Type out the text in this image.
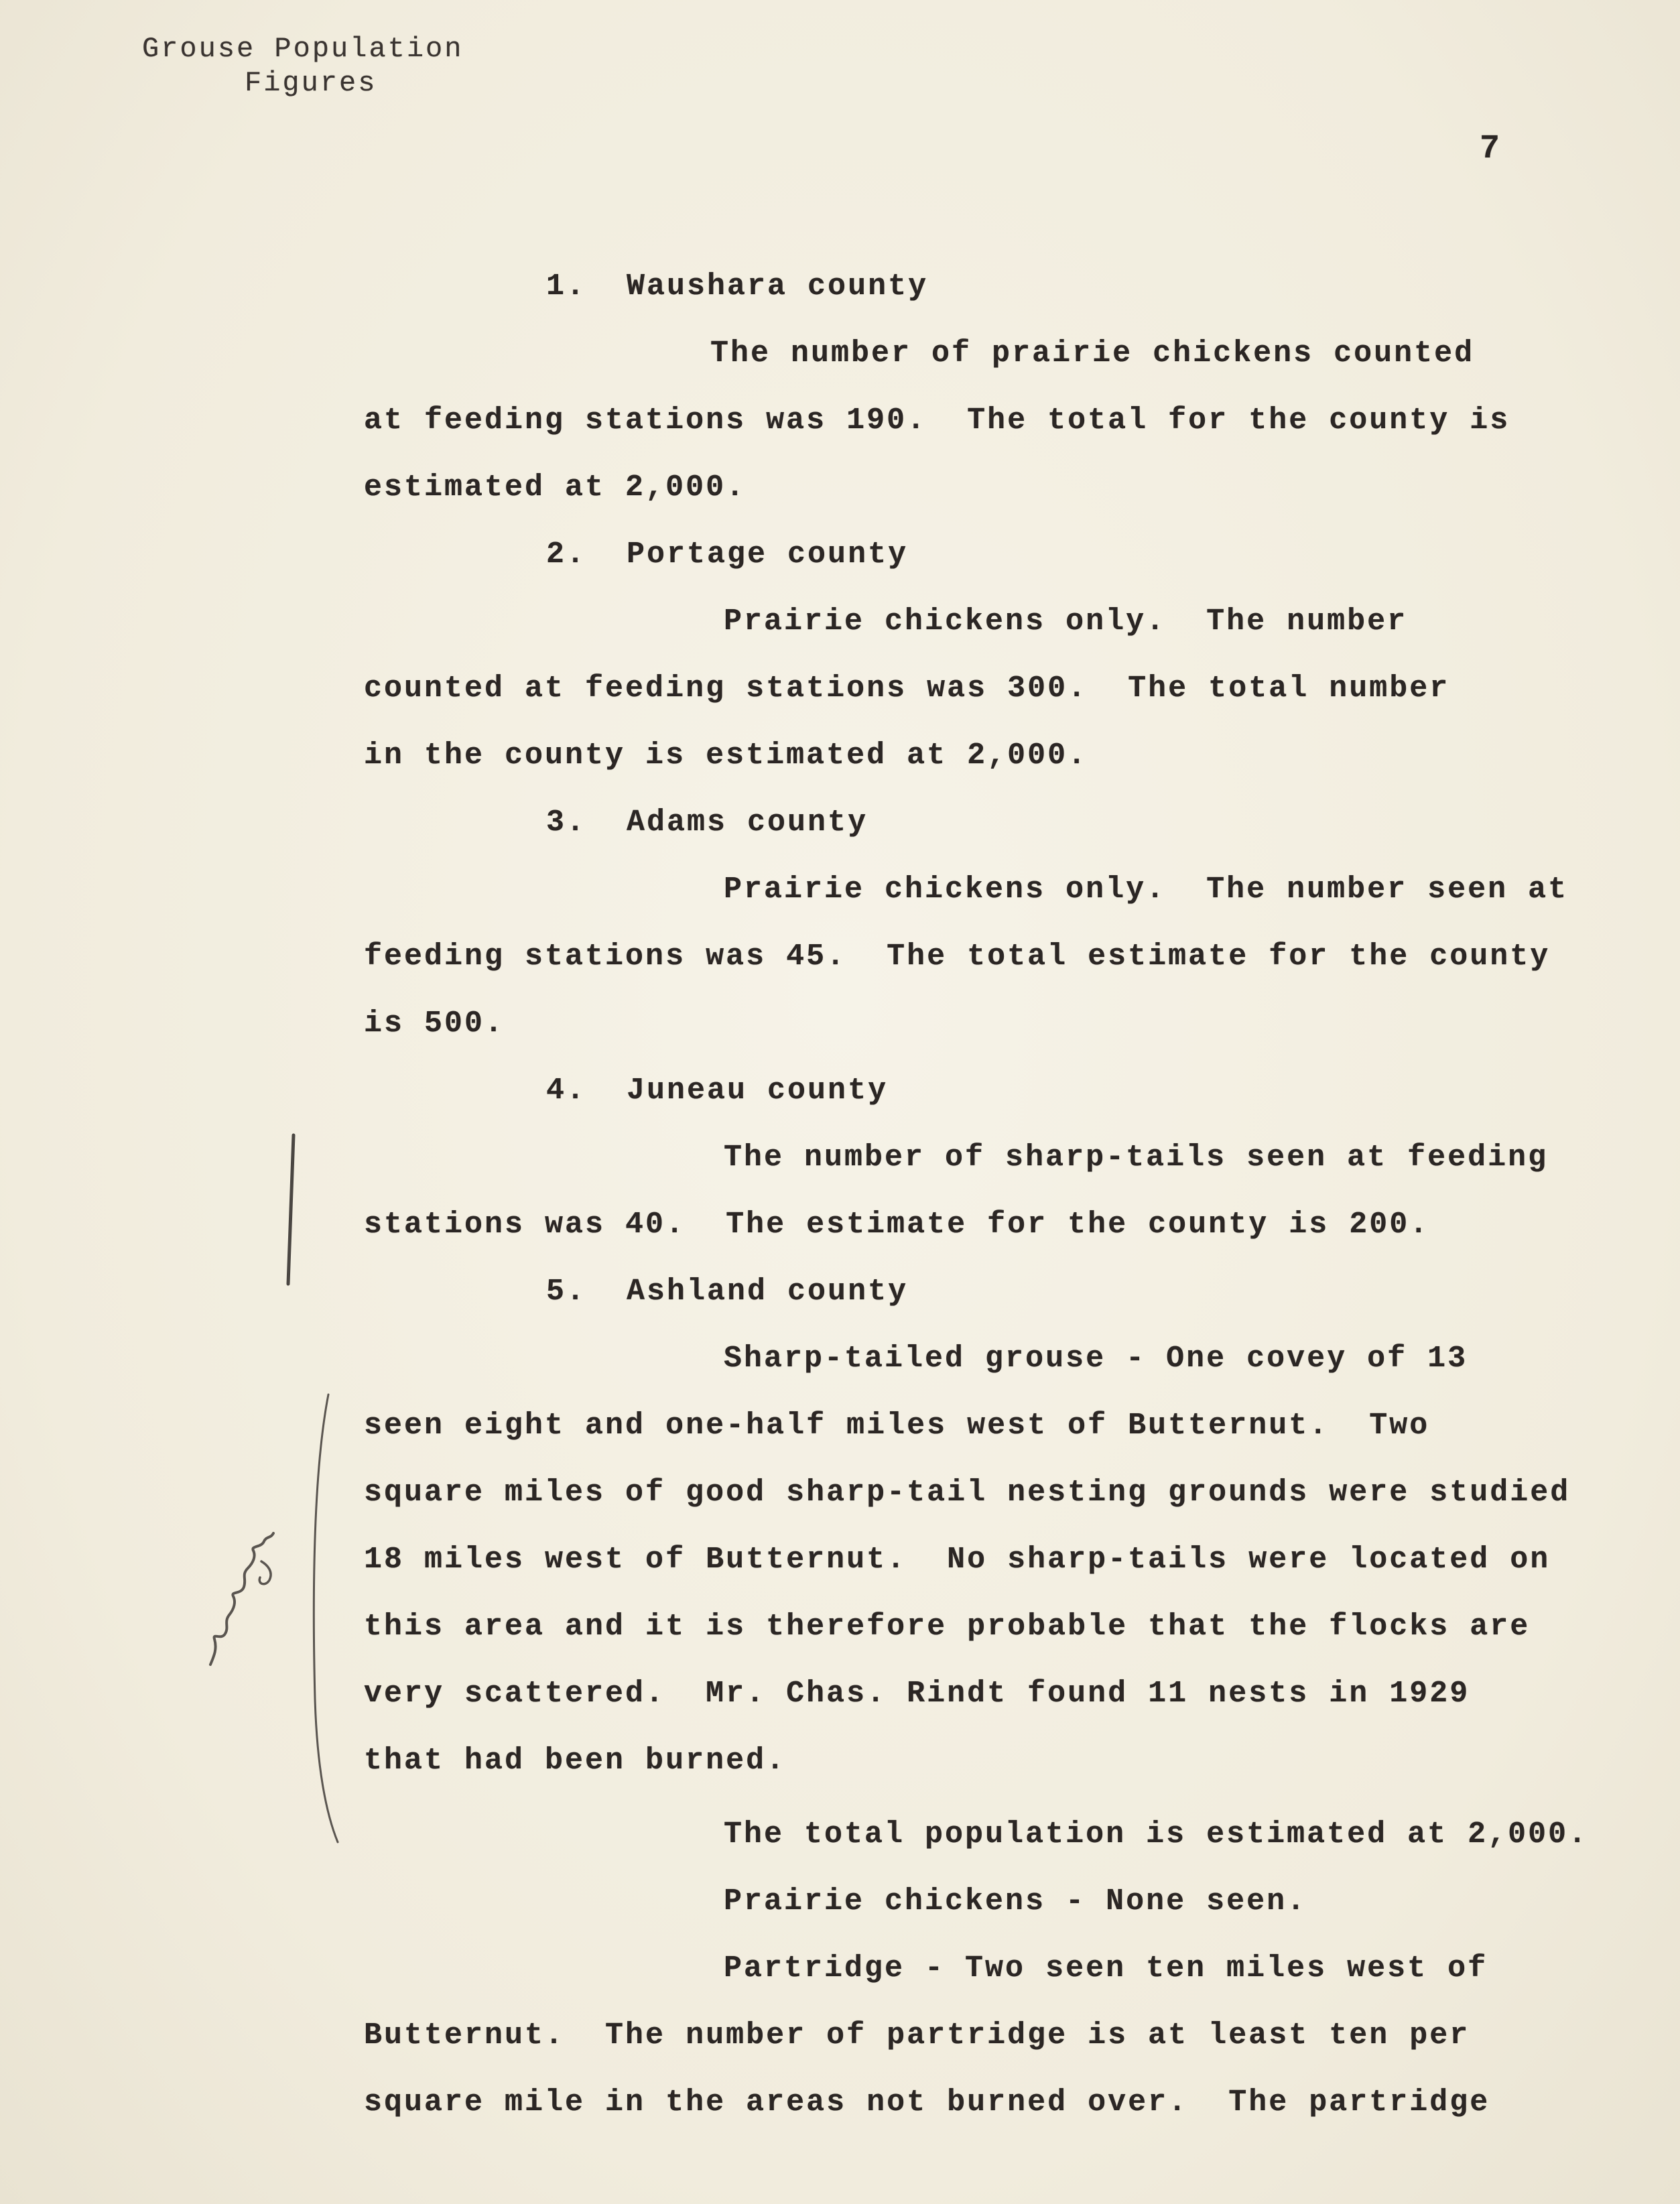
Grouse Population
Figures
7
1.  Waushara county
The number of prairie chickens counted
at feeding stations was 190.  The total for the county is
estimated at 2,000.
2.  Portage county
Prairie chickens only.  The number
counted at feeding stations was 300.  The total number
in the county is estimated at 2,000.
3.  Adams county
Prairie chickens only.  The number seen at
feeding stations was 45.  The total estimate for the county
is 500.
4.  Juneau county
The number of sharp-tails seen at feeding
stations was 40.  The estimate for the county is 200.
5.  Ashland county
Sharp-tailed grouse - One covey of 13
seen eight and one-half miles west of Butternut.  Two
square miles of good sharp-tail nesting grounds were studied
18 miles west of Butternut.  No sharp-tails were located on
this area and it is therefore probable that the flocks are
very scattered.  Mr. Chas. Rindt found 11 nests in 1929
that had been burned.
The total population is estimated at 2,000.
Prairie chickens - None seen.
Partridge - Two seen ten miles west of
Butternut.  The number of partridge is at least ten per
square mile in the areas not burned over.  The partridge
